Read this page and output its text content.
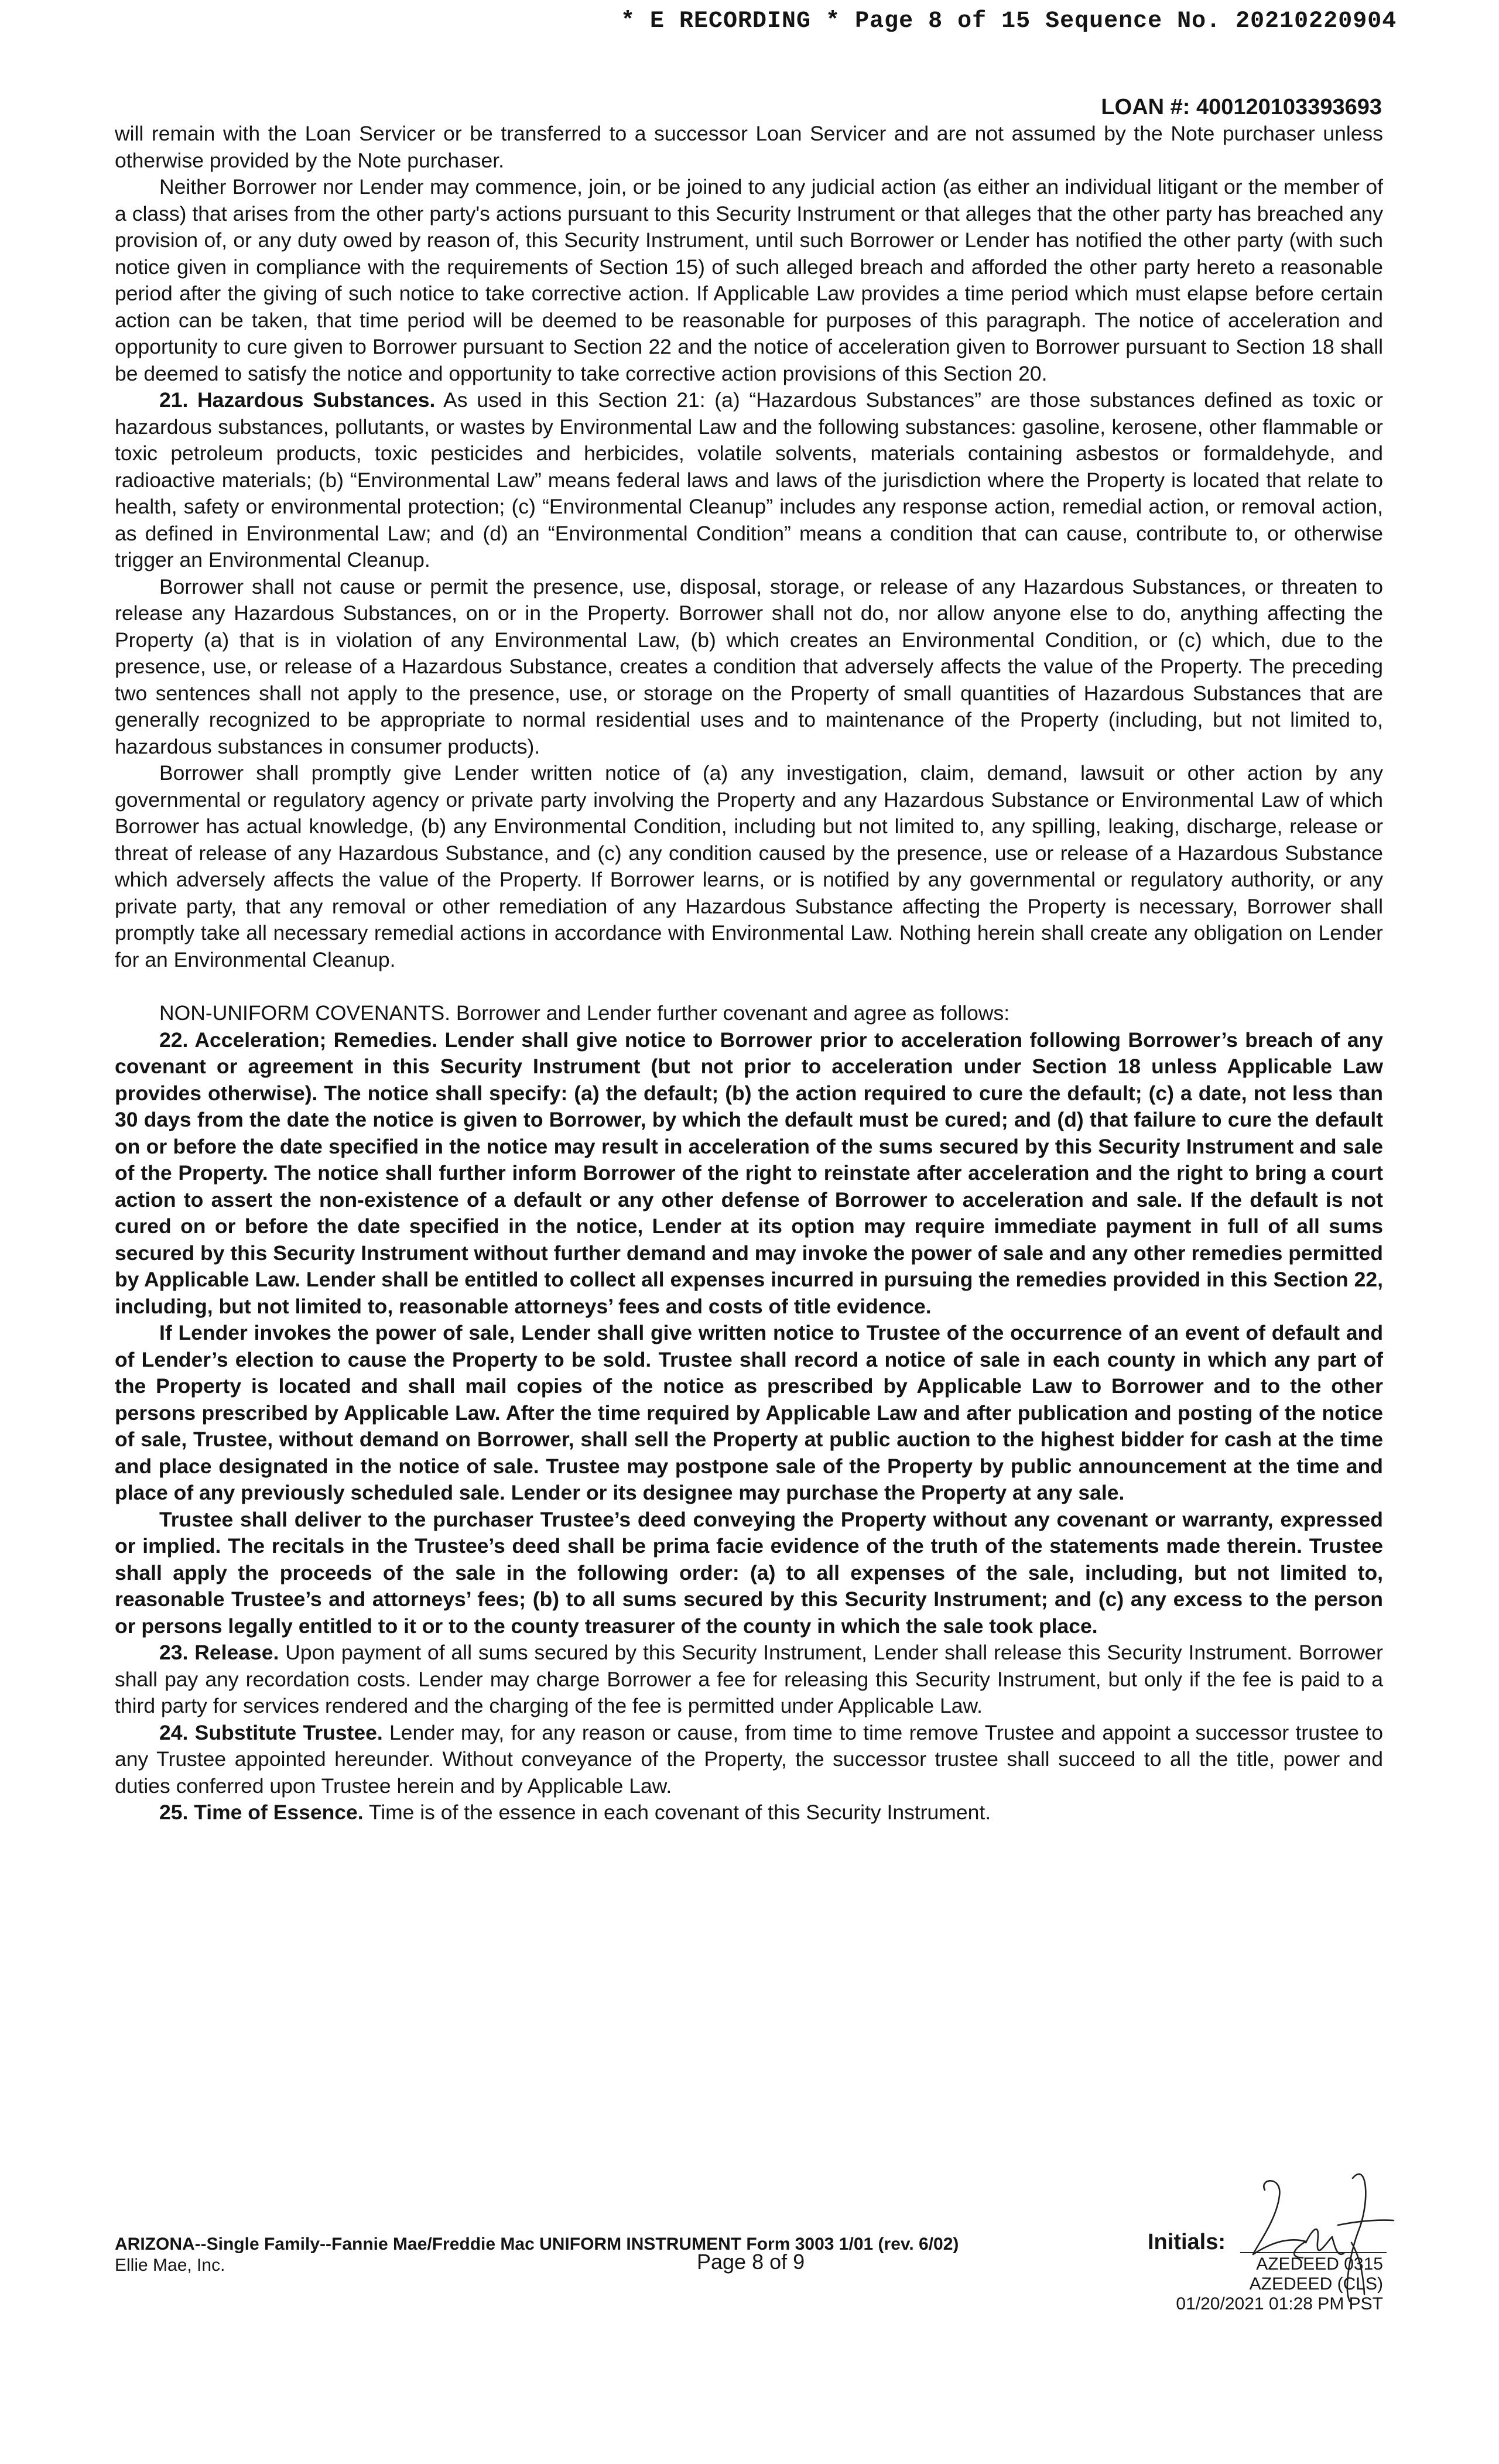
* E RECORDING * Page 8 of 15 Sequence No. 20210220904
LOAN #: 400120103393693

will remain with the Loan Servicer or be transferred to a successor Loan Servicer and are not assumed by the Note purchaser unless otherwise provided by the Note purchaser.

Neither Borrower nor Lender may commence, join, or be joined to any judicial action (as either an individual litigant or the member of a class) that arises from the other party's actions pursuant to this Security Instrument or that alleges that the other party has breached any provision of, or any duty owed by reason of, this Security Instrument, until such Borrower or Lender has notified the other party (with such notice given in compliance with the requirements of Section 15) of such alleged breach and afforded the other party hereto a reasonable period after the giving of such notice to take corrective action. If Applicable Law provides a time period which must elapse before certain action can be taken, that time period will be deemed to be reasonable for purposes of this paragraph. The notice of acceleration and opportunity to cure given to Borrower pursuant to Section 22 and the notice of acceleration given to Borrower pursuant to Section 18 shall be deemed to satisfy the notice and opportunity to take corrective action provisions of this Section 20.

21. Hazardous Substances. As used in this Section 21: (a) “Hazardous Substances” are those substances defined as toxic or hazardous substances, pollutants, or wastes by Environmental Law and the following substances: gasoline, kerosene, other flammable or toxic petroleum products, toxic pesticides and herbicides, volatile solvents, materials containing asbestos or formaldehyde, and radioactive materials; (b) “Environmental Law” means federal laws and laws of the jurisdiction where the Property is located that relate to health, safety or environmental protection; (c) “Environmental Cleanup” includes any response action, remedial action, or removal action, as defined in Environmental Law; and (d) an “Environmental Condition” means a condition that can cause, contribute to, or otherwise trigger an Environmental Cleanup.

Borrower shall not cause or permit the presence, use, disposal, storage, or release of any Hazardous Substances, or threaten to release any Hazardous Substances, on or in the Property. Borrower shall not do, nor allow anyone else to do, anything affecting the Property (a) that is in violation of any Environmental Law, (b) which creates an Environmental Condition, or (c) which, due to the presence, use, or release of a Hazardous Substance, creates a condition that adversely affects the value of the Property. The preceding two sentences shall not apply to the presence, use, or storage on the Property of small quantities of Hazardous Substances that are generally recognized to be appropriate to normal residential uses and to maintenance of the Property (including, but not limited to, hazardous substances in consumer products).

Borrower shall promptly give Lender written notice of (a) any investigation, claim, demand, lawsuit or other action by any governmental or regulatory agency or private party involving the Property and any Hazardous Substance or Environmental Law of which Borrower has actual knowledge, (b) any Environmental Condition, including but not limited to, any spilling, leaking, discharge, release or threat of release of any Hazardous Substance, and (c) any condition caused by the presence, use or release of a Hazardous Substance which adversely affects the value of the Property. If Borrower learns, or is notified by any governmental or regulatory authority, or any private party, that any removal or other remediation of any Hazardous Substance affecting the Property is necessary, Borrower shall promptly take all necessary remedial actions in accordance with Environmental Law. Nothing herein shall create any obligation on Lender for an Environmental Cleanup.

NON-UNIFORM COVENANTS. Borrower and Lender further covenant and agree as follows:

22. Acceleration; Remedies. Lender shall give notice to Borrower prior to acceleration following Borrower’s breach of any covenant or agreement in this Security Instrument (but not prior to acceleration under Section 18 unless Applicable Law provides otherwise). The notice shall specify: (a) the default; (b) the action required to cure the default; (c) a date, not less than 30 days from the date the notice is given to Borrower, by which the default must be cured; and (d) that failure to cure the default on or before the date specified in the notice may result in acceleration of the sums secured by this Security Instrument and sale of the Property. The notice shall further inform Borrower of the right to reinstate after acceleration and the right to bring a court action to assert the non-existence of a default or any other defense of Borrower to acceleration and sale. If the default is not cured on or before the date specified in the notice, Lender at its option may require immediate payment in full of all sums secured by this Security Instrument without further demand and may invoke the power of sale and any other remedies permitted by Applicable Law. Lender shall be entitled to collect all expenses incurred in pursuing the remedies provided in this Section 22, including, but not limited to, reasonable attorneys’ fees and costs of title evidence.

If Lender invokes the power of sale, Lender shall give written notice to Trustee of the occurrence of an event of default and of Lender’s election to cause the Property to be sold. Trustee shall record a notice of sale in each county in which any part of the Property is located and shall mail copies of the notice as prescribed by Applicable Law to Borrower and to the other persons prescribed by Applicable Law. After the time required by Applicable Law and after publication and posting of the notice of sale, Trustee, without demand on Borrower, shall sell the Property at public auction to the highest bidder for cash at the time and place designated in the notice of sale. Trustee may postpone sale of the Property by public announcement at the time and place of any previously scheduled sale. Lender or its designee may purchase the Property at any sale.

Trustee shall deliver to the purchaser Trustee’s deed conveying the Property without any covenant or warranty, expressed or implied. The recitals in the Trustee’s deed shall be prima facie evidence of the truth of the statements made therein. Trustee shall apply the proceeds of the sale in the following order: (a) to all expenses of the sale, including, but not limited to, reasonable Trustee’s and attorneys’ fees; (b) to all sums secured by this Security Instrument; and (c) any excess to the person or persons legally entitled to it or to the county treasurer of the county in which the sale took place.

23. Release. Upon payment of all sums secured by this Security Instrument, Lender shall release this Security Instrument. Borrower shall pay any recordation costs. Lender may charge Borrower a fee for releasing this Security Instrument, but only if the fee is paid to a third party for services rendered and the charging of the fee is permitted under Applicable Law.

24. Substitute Trustee. Lender may, for any reason or cause, from time to time remove Trustee and appoint a successor trustee to any Trustee appointed hereunder. Without conveyance of the Property, the successor trustee shall succeed to all the title, power and duties conferred upon Trustee herein and by Applicable Law.

25. Time of Essence. Time is of the essence in each covenant of this Security Instrument.

ARIZONA--Single Family--Fannie Mae/Freddie Mac UNIFORM INSTRUMENT Form 3003 1/01 (rev. 6/02)
Ellie Mae, Inc.	Page 8 of 9
Initials:
AZEDEED 0315
AZEDEED (CLS)
01/20/2021 01:28 PM PST
